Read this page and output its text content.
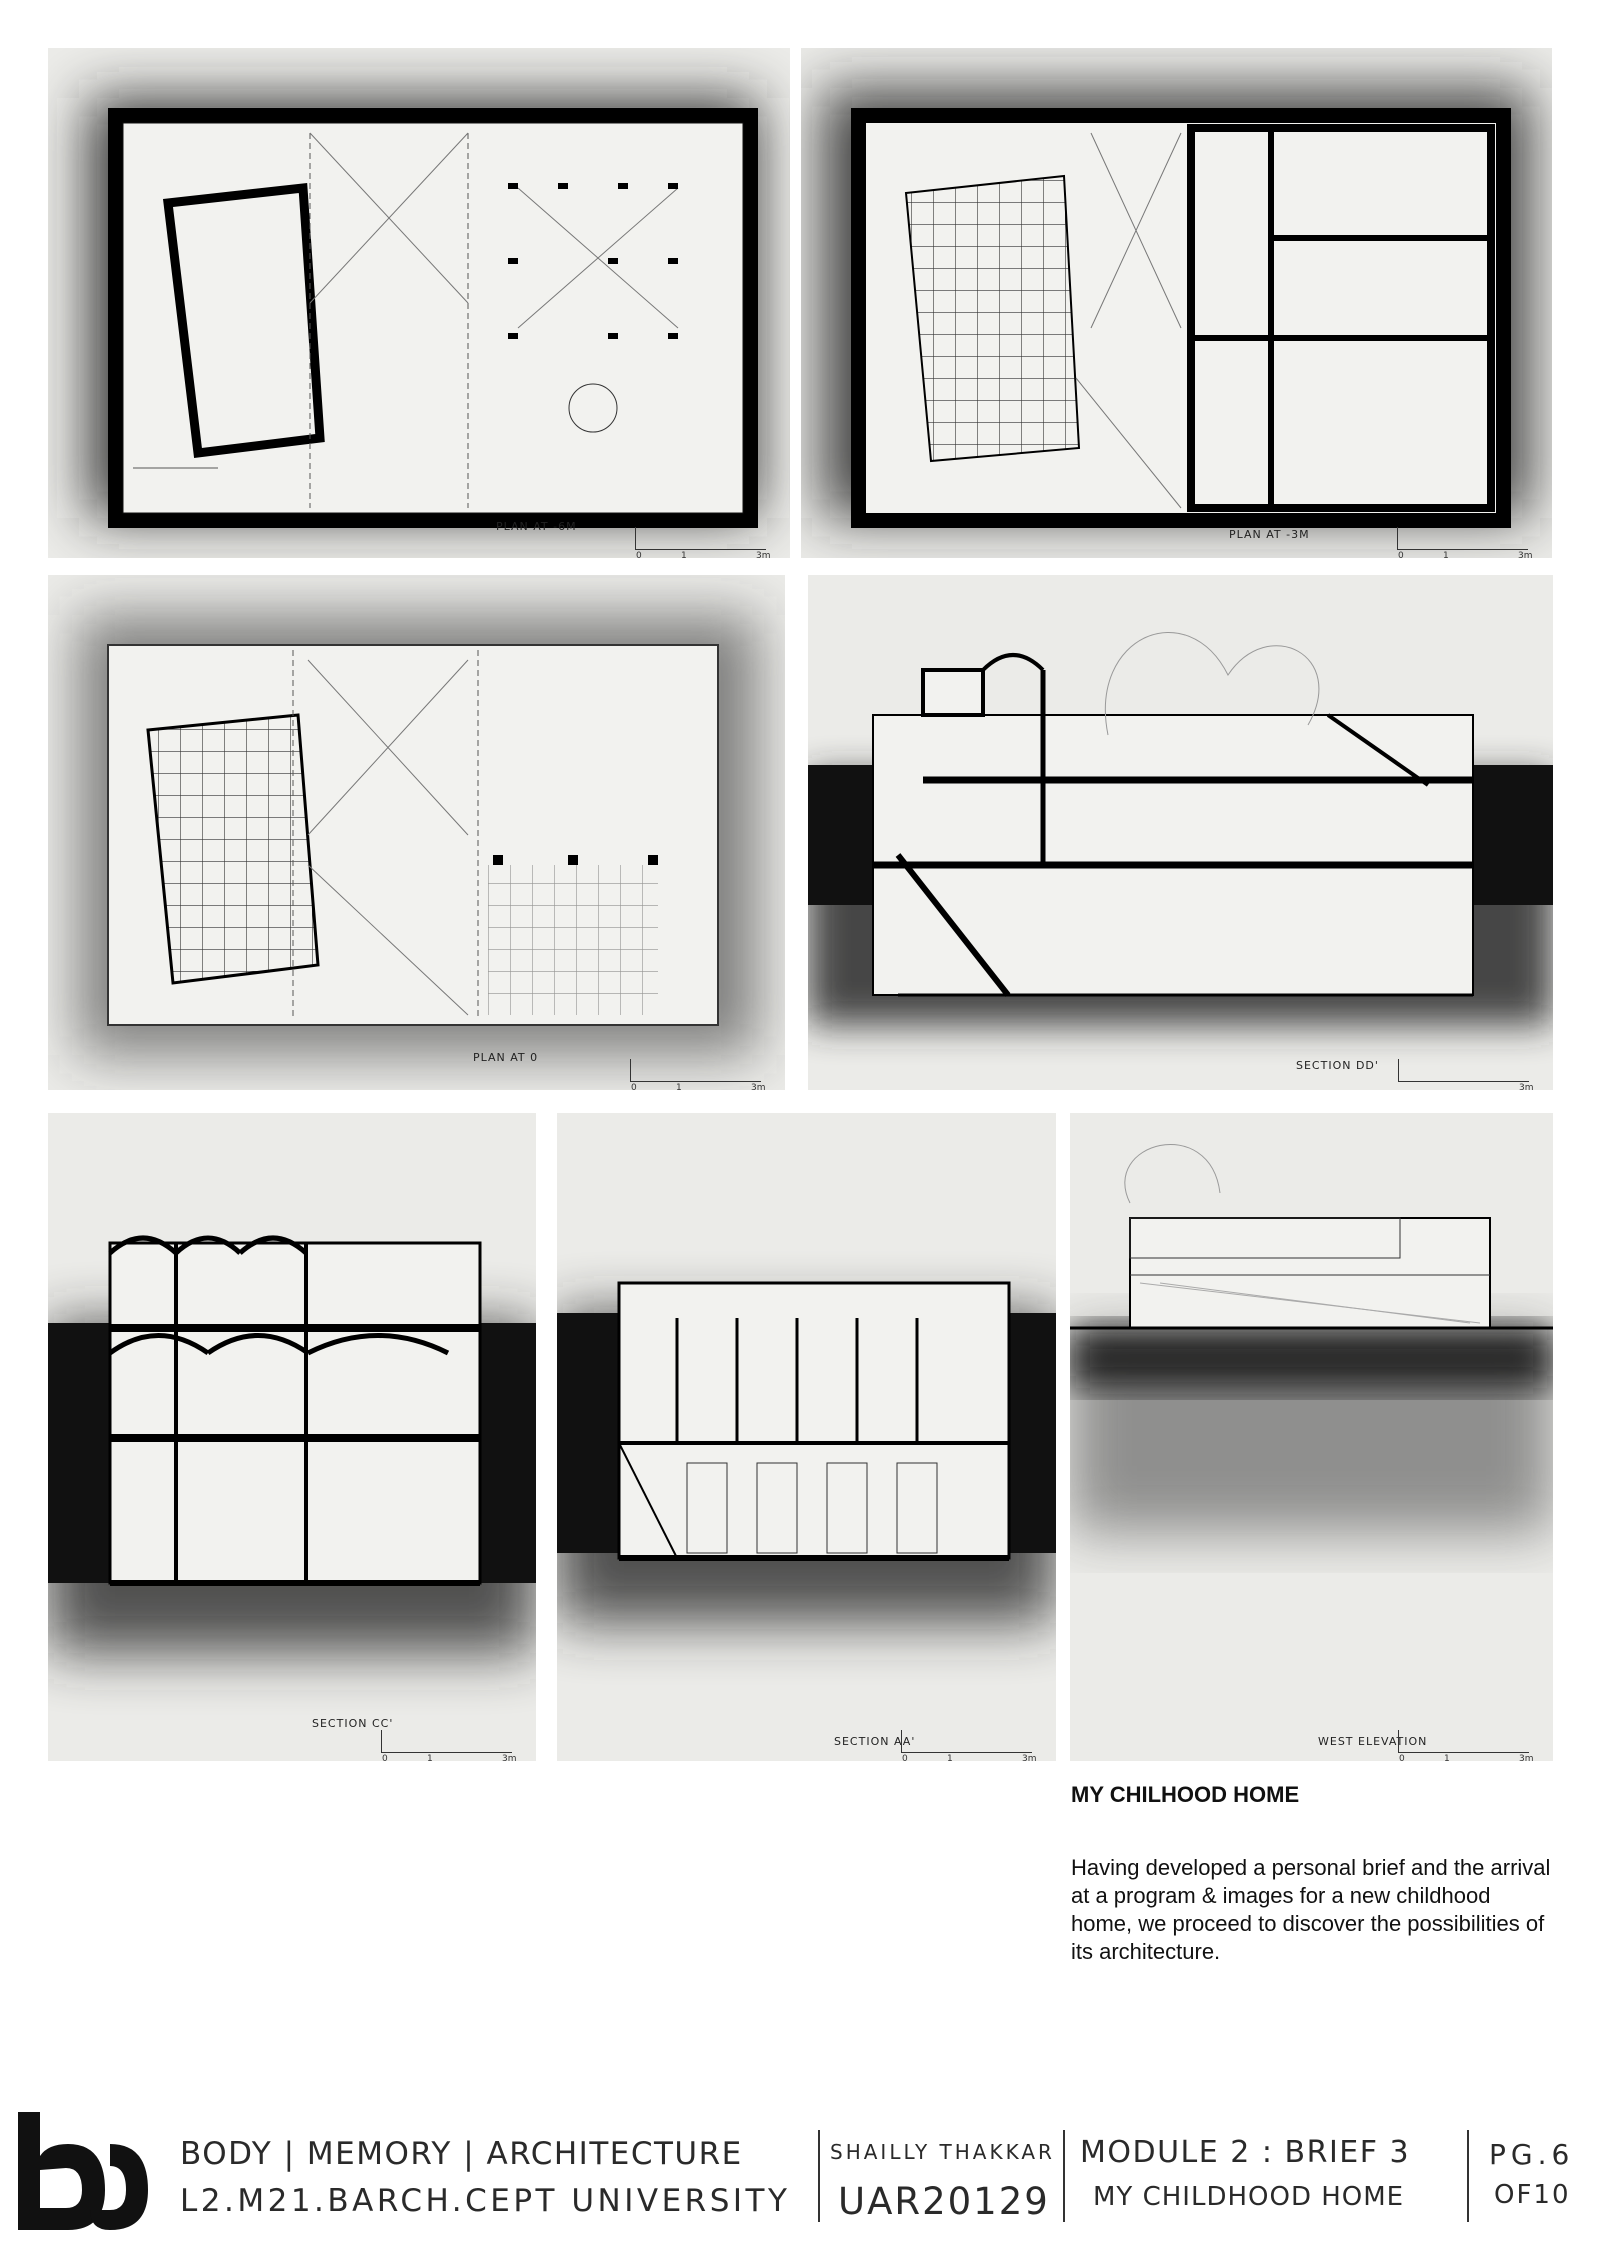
PLAN AT -6M
0	1	3m
PLAN AT -3M
0	1	3m
PLAN AT 0
0	1	3m
SECTION DD'
3m
SECTION CC'
0	1	3m
SECTION AA'
0	1	3m
WEST ELEVATION
0	1	3m
MY CHILHOOD HOME

Having developed a personal brief and the arrival at a program & images for a new childhood home, we proceed to discover the possibilities of its architecture.

BODY | MEMORY | ARCHITECTURE
L2.M21.BARCH.CEPT UNIVERSITY
SHAILLY THAKKAR
UAR20129
MODULE 2 : BRIEF 3
MY CHILDHOOD HOME
PG.6
OF10
